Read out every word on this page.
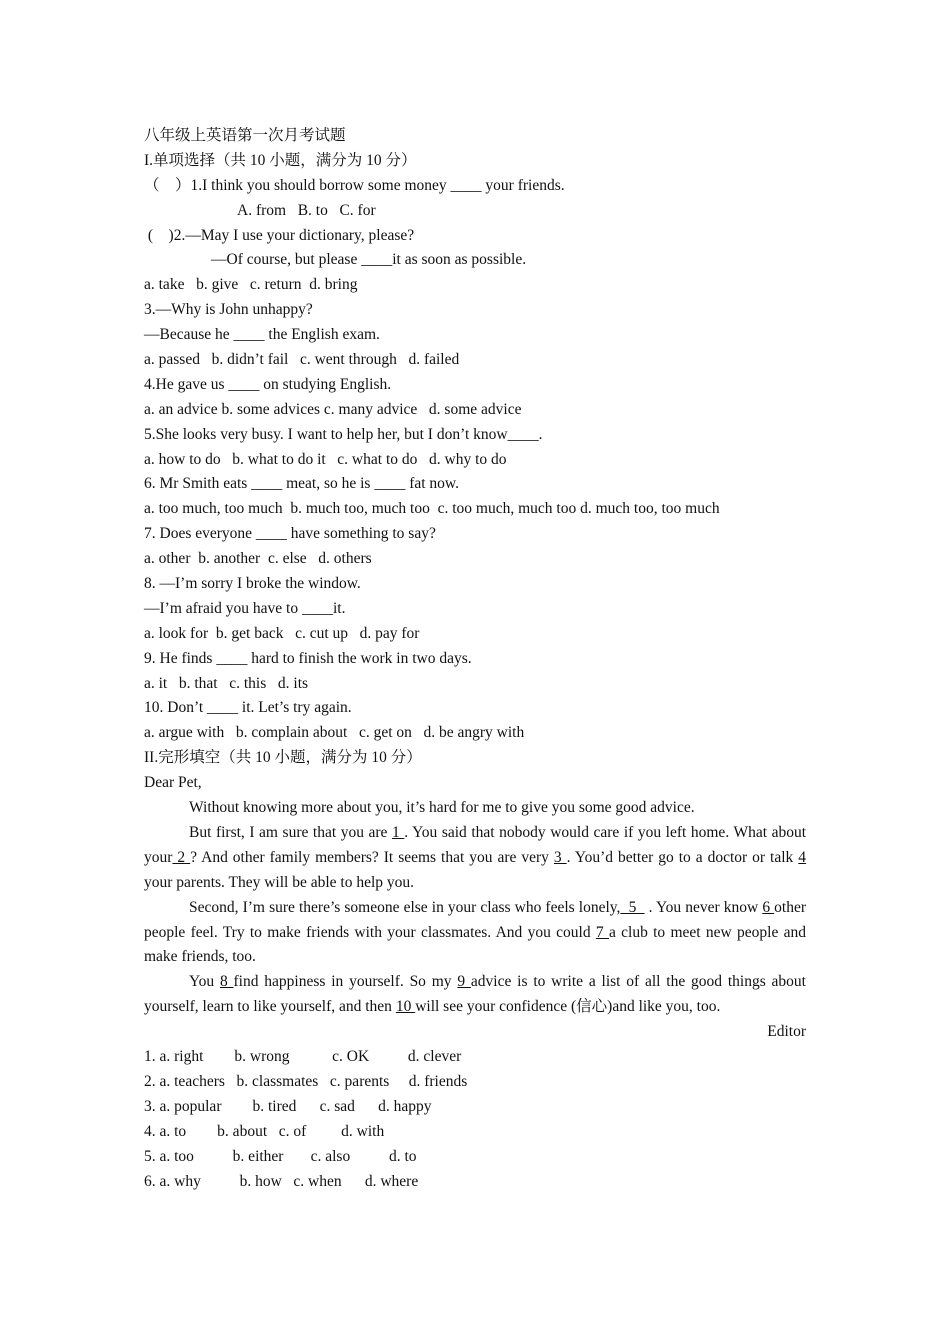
八年级上英语第一次月考试题
I.单项选择（共 10 小题，满分为 10 分）
（    ）1.I think you should borrow some money ____ your friends.
A. from   B. to   C. for
(    )2.—May I use your dictionary, please?
—Of course, but please ____it as soon as possible.
a. take   b. give   c. return  d. bring
3.—Why is John unhappy?
—Because he ____ the English exam.
a. passed   b. didn’t fail   c. went through   d. failed
4.He gave us ____ on studying English.
a. an advice b. some advices c. many advice   d. some advice
5.She looks very busy. I want to help her, but I don’t know____.
a. how to do   b. what to do it   c. what to do   d. why to do
6. Mr Smith eats ____ meat, so he is ____ fat now.
a. too much, too much  b. much too, much too  c. too much, much too d. much too, too much
7. Does everyone ____ have something to say?
a. other  b. another  c. else   d. others
8. —I’m sorry I broke the window.
—I’m afraid you have to ____it.
a. look for  b. get back   c. cut up   d. pay for
9. He finds ____ hard to finish the work in two days.
a. it   b. that   c. this   d. its
10. Don’t ____ it. Let’s try again.
a. argue with   b. complain about   c. get on   d. be angry with
II.完形填空（共 10 小题，满分为 10 分）
Dear Pet,
Without knowing more about you, it’s hard for me to give you some good advice.
But first, I am sure that you are 1 . You said that nobody would care if you left home. What about your 2 ? And other family members? It seems that you are very 3 . You’d better go to a doctor or talk 4 your parents. They will be able to help you.
Second, I’m sure there’s someone else in your class who feels lonely,  5   . You never know 6 other people feel. Try to make friends with your classmates. And you could 7 a club to meet new people and make friends, too.
You 8 find happiness in yourself. So my 9 advice is to write a list of all the good things about yourself, learn to like yourself, and then 10 will see your confidence (信心)and like you, too.
Editor
1. a. right        b. wrong           c. OK          d. clever
2. a. teachers   b. classmates   c. parents     d. friends
3. a. popular        b. tired      c. sad      d. happy
4. a. to        b. about   c. of         d. with
5. a. too          b. either       c. also          d. to
6. a. why          b. how   c. when      d. where
